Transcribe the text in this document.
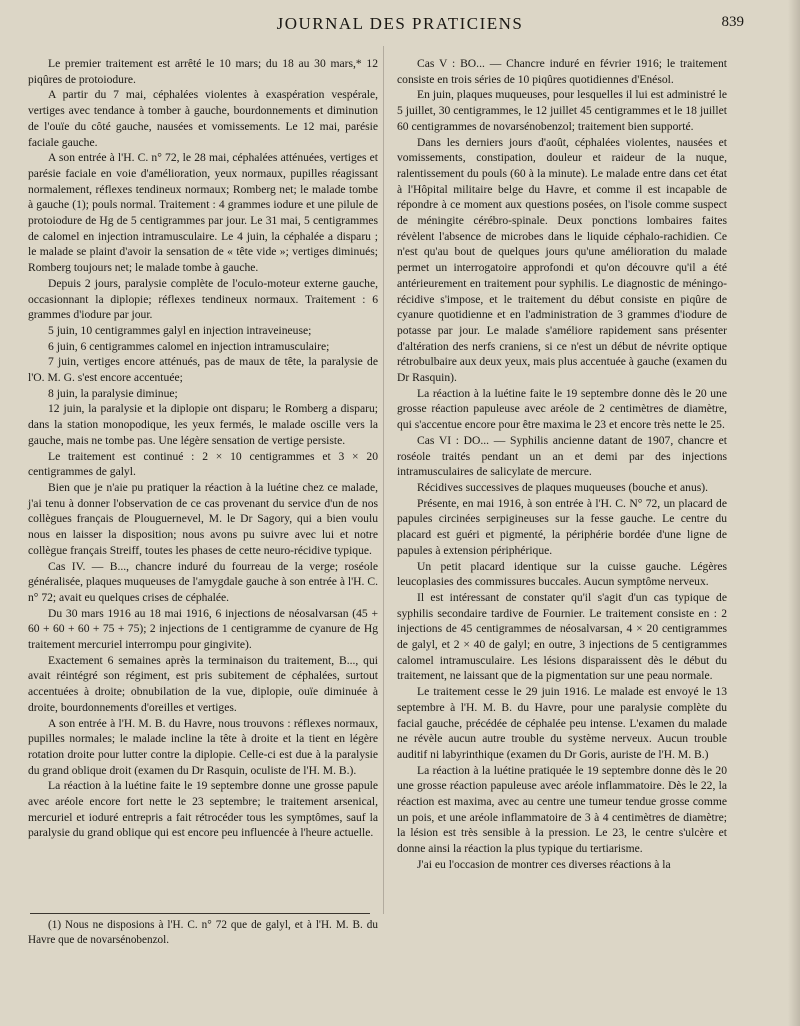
JOURNAL DES PRATICIENS	839

Le premier traitement est arrêté le 10 mars; du 18 au 30 mars,* 12 piqûres de protoiodure.

A partir du 7 mai, céphalées violentes à exaspération vespérale, vertiges avec tendance à tomber à gauche, bourdonnements et diminution de l'ouïe du côté gauche, nausées et vomissements. Le 12 mai, parésie faciale gauche.

A son entrée à l'H. C. n° 72, le 28 mai, céphalées atténuées, vertiges et parésie faciale en voie d'amélioration, yeux normaux, pupilles réagissant normalement, réflexes tendineux normaux; Romberg net; le malade tombe à gauche (1); pouls normal. Traitement : 4 grammes iodure et une pilule de protoiodure de Hg de 5 centigrammes par jour. Le 31 mai, 5 centigrammes de calomel en injection intramusculaire. Le 4 juin, la céphalée a disparu ; le malade se plaint d'avoir la sensation de « tête vide »; vertiges diminués; Romberg toujours net; le malade tombe à gauche.

Depuis 2 jours, paralysie complète de l'oculo-moteur externe gauche, occasionnant la diplopie; réflexes tendineux normaux. Traitement : 6 grammes d'iodure par jour.

5 juin, 10 centigrammes galyl en injection intraveineuse;

6 juin, 6 centigrammes calomel en injection intramusculaire;

7 juin, vertiges encore atténués, pas de maux de tête, la paralysie de l'O. M. G. s'est encore accentuée;

8 juin, la paralysie diminue;

12 juin, la paralysie et la diplopie ont disparu; le Romberg a disparu; dans la station monopodique, les yeux fermés, le malade oscille vers la gauche, mais ne tombe pas. Une légère sensation de vertige persiste.

Le traitement est continué : 2 × 10 centigrammes et 3 × 20 centigrammes de galyl.

Bien que je n'aie pu pratiquer la réaction à la luétine chez ce malade, j'ai tenu à donner l'observation de ce cas provenant du service d'un de nos collègues français de Plouguernevel, M. le Dr Sagory, qui a bien voulu nous en laisser la disposition; nous avons pu suivre avec lui et notre collègue français Streiff, toutes les phases de cette neuro-récidive typique.

Cas IV. — B..., chancre induré du fourreau de la verge; roséole généralisée, plaques muqueuses de l'amygdale gauche à son entrée à l'H. C. n° 72; avait eu quelques crises de céphalée.

Du 30 mars 1916 au 18 mai 1916, 6 injections de néosalvarsan (45 + 60 + 60 + 60 + 75 + 75); 2 injections de 1 centigramme de cyanure de Hg traitement mercuriel interrompu pour gingivite).

Exactement 6 semaines après la terminaison du traitement, B..., qui avait réintégré son régiment, est pris subitement de céphalées, surtout accentuées à droite; obnubilation de la vue, diplopie, ouïe diminuée à droite, bourdonnements d'oreilles et vertiges.

A son entrée à l'H. M. B. du Havre, nous trouvons : réflexes normaux, pupilles normales; le malade incline la tête à droite et la tient en légère rotation droite pour lutter contre la diplopie. Celle-ci est due à la paralysie du grand oblique droit (examen du Dr Rasquin, oculiste de l'H. M. B.).

La réaction à la luétine faite le 19 septembre donne une grosse papule avec aréole encore fort nette le 23 septembre; le traitement arsenical, mercuriel et ioduré entrepris a fait rétrocéder tous les symptômes, sauf la paralysie du grand oblique qui est encore peu influencée à l'heure actuelle.

(1) Nous ne disposions à l'H. C. n° 72 que de galyl, et à l'H. M. B. du Havre que de novarsénobenzol.

Cas V : BO... — Chancre induré en février 1916; le traitement consiste en trois séries de 10 piqûres quotidiennes d'Enésol.

En juin, plaques muqueuses, pour lesquelles il lui est administré le 5 juillet, 30 centigrammes, le 12 juillet 45 centigrammes et le 18 juillet 60 centigrammes de novarsénobenzol; traitement bien supporté.

Dans les derniers jours d'août, céphalées violentes, nausées et vomissements, constipation, douleur et raideur de la nuque, ralentissement du pouls (60 à la minute). Le malade entre dans cet état à l'Hôpital militaire belge du Havre, et comme il est incapable de répondre à ce moment aux questions posées, on l'isole comme suspect de méningite cérébro-spinale. Deux ponctions lombaires faites révèlent l'absence de microbes dans le liquide céphalo-rachidien. Ce n'est qu'au bout de quelques jours qu'une amélioration du malade permet un interrogatoire approfondi et qu'on découvre qu'il a été antérieurement en traitement pour syphilis. Le diagnostic de méningo-récidive s'impose, et le traitement du début consiste en piqûre de cyanure quotidienne et en l'administration de 3 grammes d'iodure de potasse par jour. Le malade s'améliore rapidement sans présenter d'altération des nerfs craniens, si ce n'est un début de névrite optique rétrobulbaire aux deux yeux, mais plus accentuée à gauche (examen du Dr Rasquin).

La réaction à la luétine faite le 19 septembre donne dès le 20 une grosse réaction papuleuse avec aréole de 2 centimètres de diamètre, qui s'accentue encore pour être maxima le 23 et encore très nette le 25.

Cas VI : DO... — Syphilis ancienne datant de 1907, chancre et roséole traités pendant un an et demi par des injections intramusculaires de salicylate de mercure.

Récidives successives de plaques muqueuses (bouche et anus).

Présente, en mai 1916, à son entrée à l'H. C. N° 72, un placard de papules circinées serpigineuses sur la fesse gauche. Le centre du placard est guéri et pigmenté, la périphérie bordée d'une ligne de papules à extension périphérique.

Un petit placard identique sur la cuisse gauche. Légères leucoplasies des commissures buccales. Aucun symptôme nerveux.

Il est intéressant de constater qu'il s'agit d'un cas typique de syphilis secondaire tardive de Fournier. Le traitement consiste en : 2 injections de 45 centigrammes de néosalvarsan, 4 × 20 centigrammes de galyl, et 2 × 40 de galyl; en outre, 3 injections de 5 centigrammes calomel intramusculaire. Les lésions disparaissent dès le début du traitement, ne laissant que de la pigmentation sur une peau normale.

Le traitement cesse le 29 juin 1916. Le malade est envoyé le 13 septembre à l'H. M. B. du Havre, pour une paralysie complète du facial gauche, précédée de céphalée peu intense. L'examen du malade ne révèle aucun autre trouble du système nerveux. Aucun trouble auditif ni labyrinthique (examen du Dr Goris, auriste de l'H. M. B.)

La réaction à la luétine pratiquée le 19 septembre donne dès le 20 une grosse réaction papuleuse avec aréole inflammatoire. Dès le 22, la réaction est maxima, avec au centre une tumeur tendue grosse comme un pois, et une aréole inflammatoire de 3 à 4 centimètres de diamètre; la lésion est très sensible à la pression. Le 23, le centre s'ulcère et donne ainsi la réaction la plus typique du tertiarisme.

J'ai eu l'occasion de montrer ces diverses réactions à la
